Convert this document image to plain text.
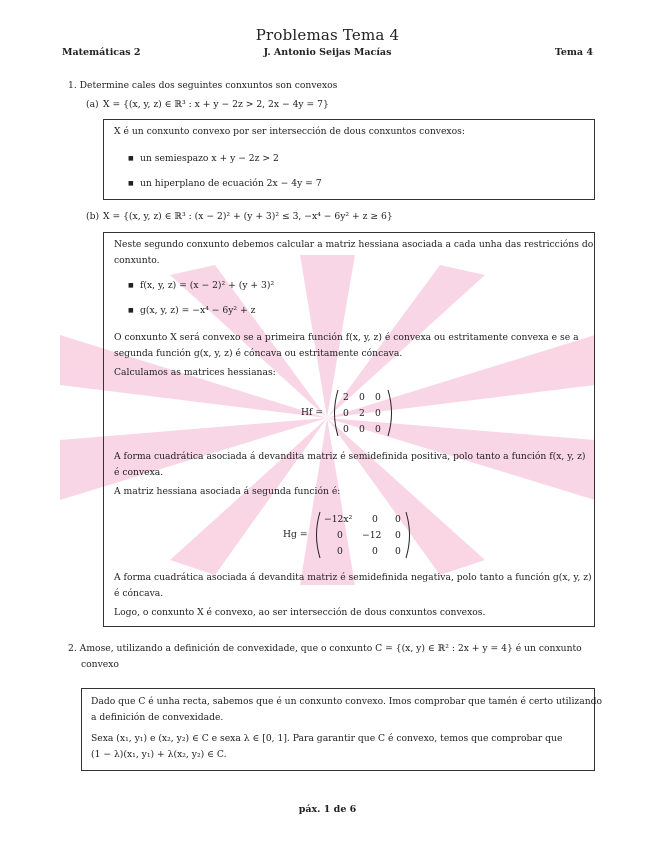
Problemas Tema 4
Matemáticas 2	J. Antonio Seijas Macías	Tema 4
1. Determine cales dos seguintes conxuntos son convexos
(a) X = {(x, y, z) ∈ ℝ³ : x + y − 2z > 2, 2x − 4y = 7}
X é un conxunto convexo por ser intersección de dous conxuntos convexos:
■ un semiespazo x + y − 2z > 2
■ un hiperplano de ecuación 2x − 4y = 7
(b) X = {(x, y, z) ∈ ℝ³ : (x − 2)² + (y + 3)² ≤ 3, −x⁴ − 6y² + z ≥ 6}
Neste segundo conxunto debemos calcular a matriz hessiana asociada a cada unha das restriccións do
conxunto.
■ f(x, y, z) = (x − 2)² + (y + 3)²
■ g(x, y, z) = −x⁴ − 6y² + z
O conxunto X será convexo se a primeira función f(x, y, z) é convexa ou estritamente convexa e se a
segunda función g(x, y, z) é cóncava ou estritamente cóncava.
Calculamos as matrices hessianas:
Hf =
2 0 0
0 2 0
0 0 0
A forma cuadrática asociada á devandita matriz é semidefinida positiva, polo tanto a función f(x, y, z)
é convexa.
A matriz hessiana asociada á segunda función é:
Hg =
−12x² 0 0
0 −12 0
0	0 0
A forma cuadrática asociada á devandita matriz é semidefinida negativa, polo tanto a función g(x, y, z)
é cóncava.
Logo, o conxunto X é convexo, ao ser intersección de dous conxuntos convexos.
2. Amose, utilizando a definición de convexidade, que o conxunto C = {(x, y) ∈ ℝ² : 2x + y = 4} é un conxunto
convexo
Dado que C é unha recta, sabemos que é un conxunto convexo. Imos comprobar que tamén é certo utilizando
a definición de convexidade.
Sexa (x₁, y₁) e (x₂, y₂) ∈ C e sexa λ ∈ [0, 1]. Para garantir que C é convexo, temos que comprobar que
(1 − λ)(x₁, y₁) + λ(x₂, y₂) ∈ C.
páx. 1 de 6
